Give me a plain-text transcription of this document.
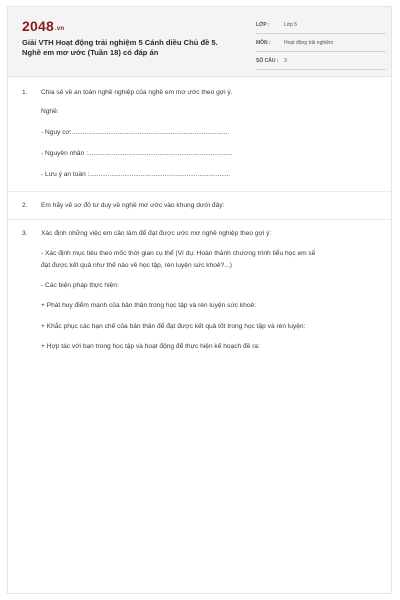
2048.vn
Giải VTH Hoạt động trải nghiệm 5 Cánh diều Chủ đề 5.
Nghề em mơ ước (Tuần 18) có đáp án
LỚP :	Lớp 5
MÔN :	Hoạt động trải nghiệm
SỐ CÂU : 3
1. Chia sẻ về an toàn nghề nghiệp của nghề em mơ ước theo gợi ý.
Nghề:
- Nguy cơ:......................................................................................
- Nguyên nhân :...............................................................................
- Lưu ý an toàn :.............................................................................
2. Em hãy vẽ sơ đồ tư duy về nghề mơ ước vào khung dưới đây:
3. Xác định những việc em cần làm để đạt được ước mơ nghề nghiệp theo gợi ý:
- Xác định mục tiêu theo mốc thời gian cụ thể (Ví dụ: Hoàn thành chương trình tiểu học em sẽ
đạt được kết quả như thế nào về học tập, rèn luyện sức khoẻ?...)
- Các biện pháp thực hiện:
+ Phát huy điểm mạnh của bản thân trong học tập và rèn luyện sức khoẻ:
+ Khắc phục các hạn chế của bản thân để đạt được kết quả tốt trong học tập và rèn luyện:
+ Hợp tác với bạn trong học tập và hoạt động để thực hiện kế hoạch đề ra:
